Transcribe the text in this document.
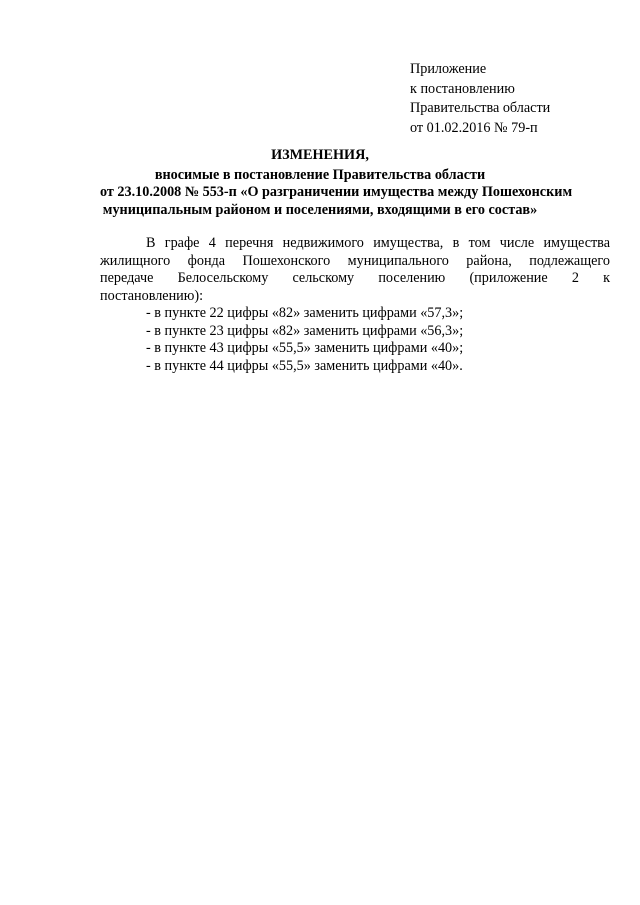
Приложение
к постановлению
Правительства области
от 01.02.2016 № 79-п
ИЗМЕНЕНИЯ,
вносимые в постановление Правительства области
от 23.10.2008 № 553-п «О разграничении имущества между Пошехонским
муниципальным районом и поселениями, входящими в его состав»
В графе 4 перечня недвижимого имущества, в том числе имущества
жилищного фонда Пошехонского муниципального района, подлежащего
передаче Белосельскому сельскому поселению (приложение 2 к
постановлению):
- в пункте 22 цифры «82» заменить цифрами «57,3»;
- в пункте 23 цифры «82» заменить цифрами «56,3»;
- в пункте 43 цифры «55,5» заменить цифрами «40»;
- в пункте 44 цифры «55,5» заменить цифрами «40».
